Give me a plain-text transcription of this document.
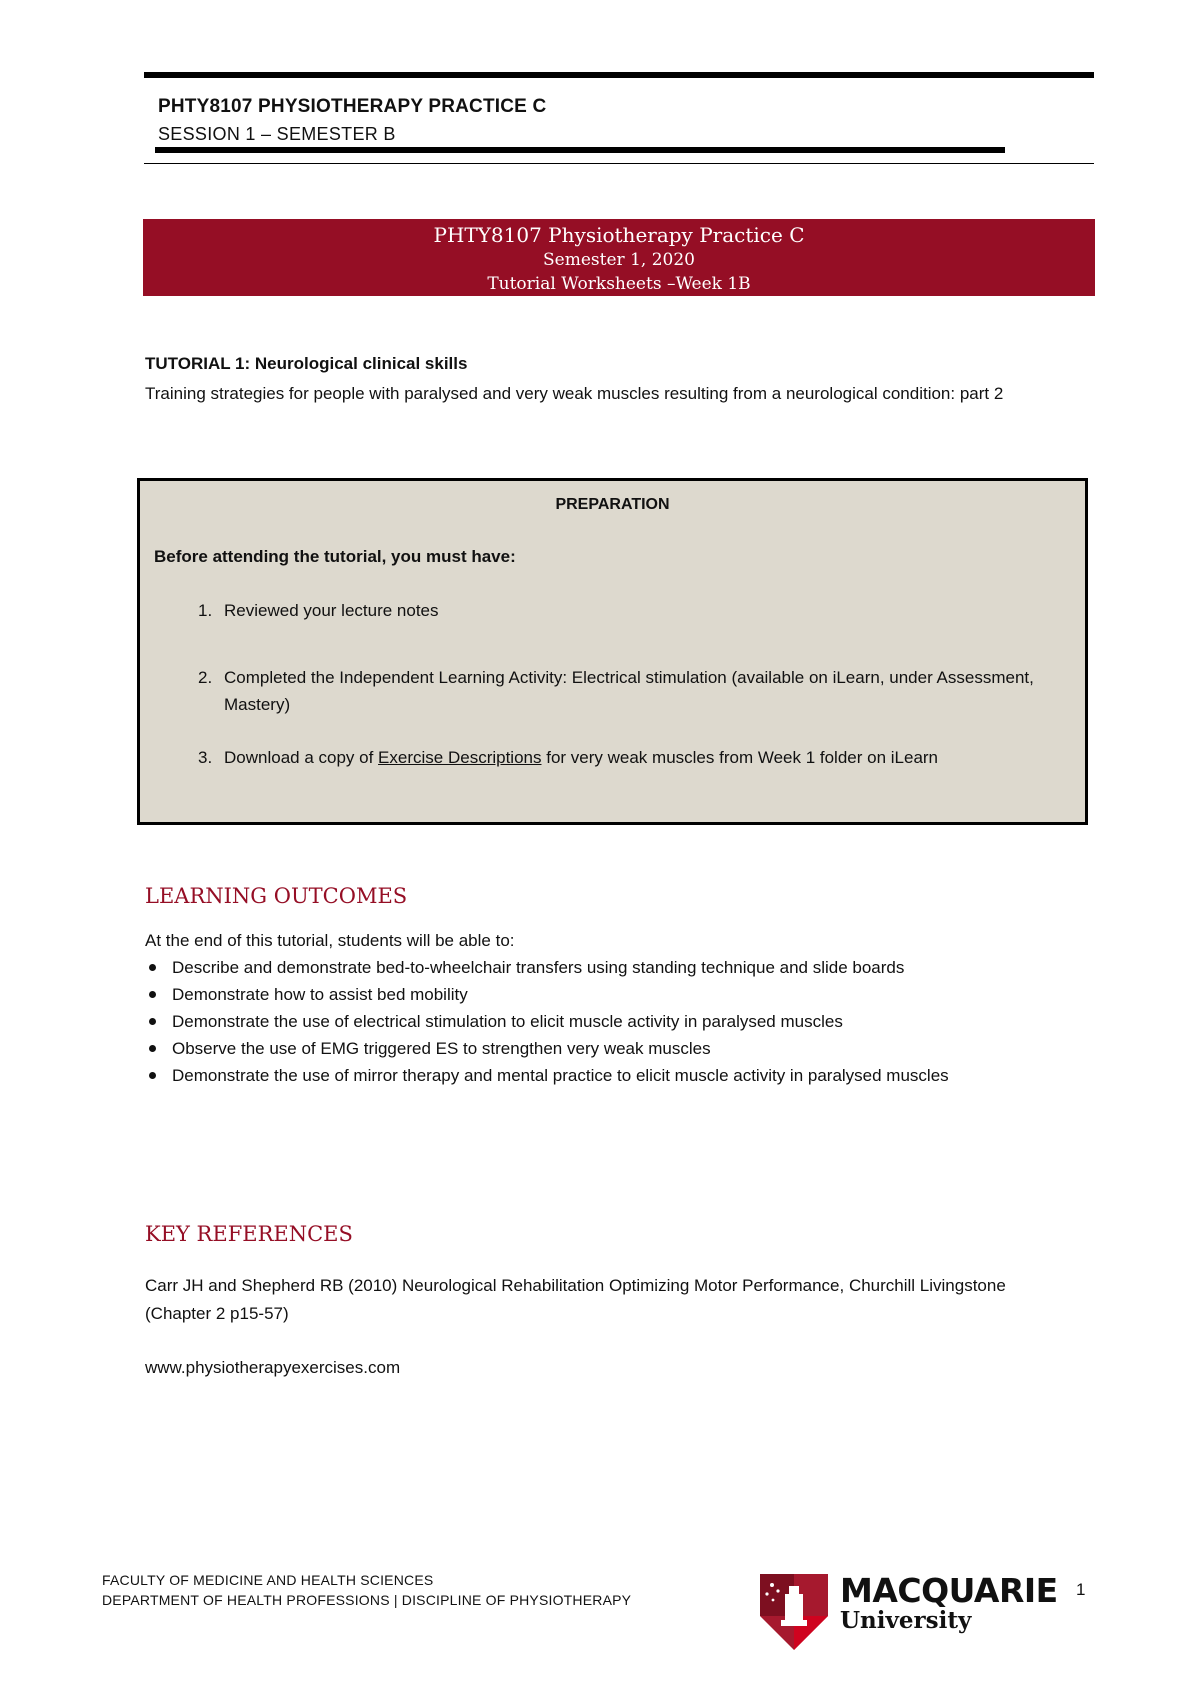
PHTY8107 PHYSIOTHERAPY PRACTICE C
SESSION 1 – SEMESTER B
PHTY8107 Physiotherapy Practice C
Semester 1, 2020
Tutorial Worksheets –Week 1B
TUTORIAL 1: Neurological clinical skills
Training strategies for people with paralysed and very weak muscles resulting from a neurological condition: part 2
PREPARATION
Before attending the tutorial, you must have:
1. Reviewed your lecture notes
2. Completed the Independent Learning Activity: Electrical stimulation (available on iLearn, under Assessment, Mastery)
3. Download a copy of Exercise Descriptions for very weak muscles from Week 1 folder on iLearn
LEARNING OUTCOMES
At the end of this tutorial, students will be able to:
Describe and demonstrate bed-to-wheelchair transfers using standing technique and slide boards
Demonstrate how to assist bed mobility
Demonstrate the use of electrical stimulation to elicit muscle activity in paralysed muscles
Observe the use of EMG triggered ES to strengthen very weak muscles
Demonstrate the use of mirror therapy and mental practice to elicit muscle activity in paralysed muscles
KEY REFERENCES
Carr JH and Shepherd RB (2010) Neurological Rehabilitation Optimizing Motor Performance, Churchill Livingstone (Chapter 2 p15-57)
www.physiotherapyexercises.com
FACULTY OF MEDICINE AND HEALTH SCIENCES
DEPARTMENT OF HEALTH PROFESSIONS | DISCIPLINE OF PHYSIOTHERAPY	MACQUARIE
University
1
